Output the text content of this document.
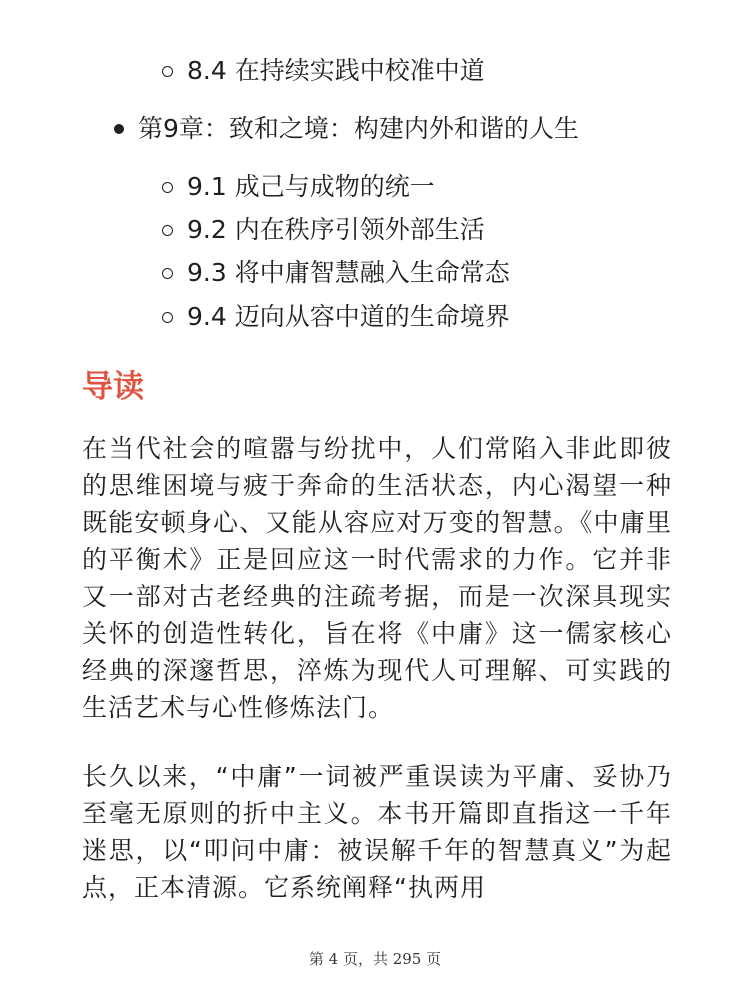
8.4 在持续实践中校准中道
第9章：致和之境：构建内外和谐的人生
9.1 成己与成物的统一
9.2 内在秩序引领外部生活
9.3 将中庸智慧融入生命常态
9.4 迈向从容中道的生命境界
导读

在当代社会的喧嚣与纷扰中，人们常陷入非此即彼的思维困境与疲于奔命的生活状态，内心渴望一种既能安顿身心、又能从容应对万变的智慧。《中庸里的平衡术》正是回应这一时代需求的力作。它并非又一部对古老经典的注疏考据，而是一次深具现实关怀的创造性转化，旨在将《中庸》这一儒家核心经典的深邃哲思，淬炼为现代人可理解、可实践的生活艺术与心性修炼法门。

长久以来，“中庸”一词被严重误读为平庸、妥协乃至毫无原则的折中主义。本书开篇即直指这一千年迷思，以“叩问中庸：被误解千年的智慧真义”为起点，正本清源。它系统阐释“执两用

第 4 页，共 295 页
